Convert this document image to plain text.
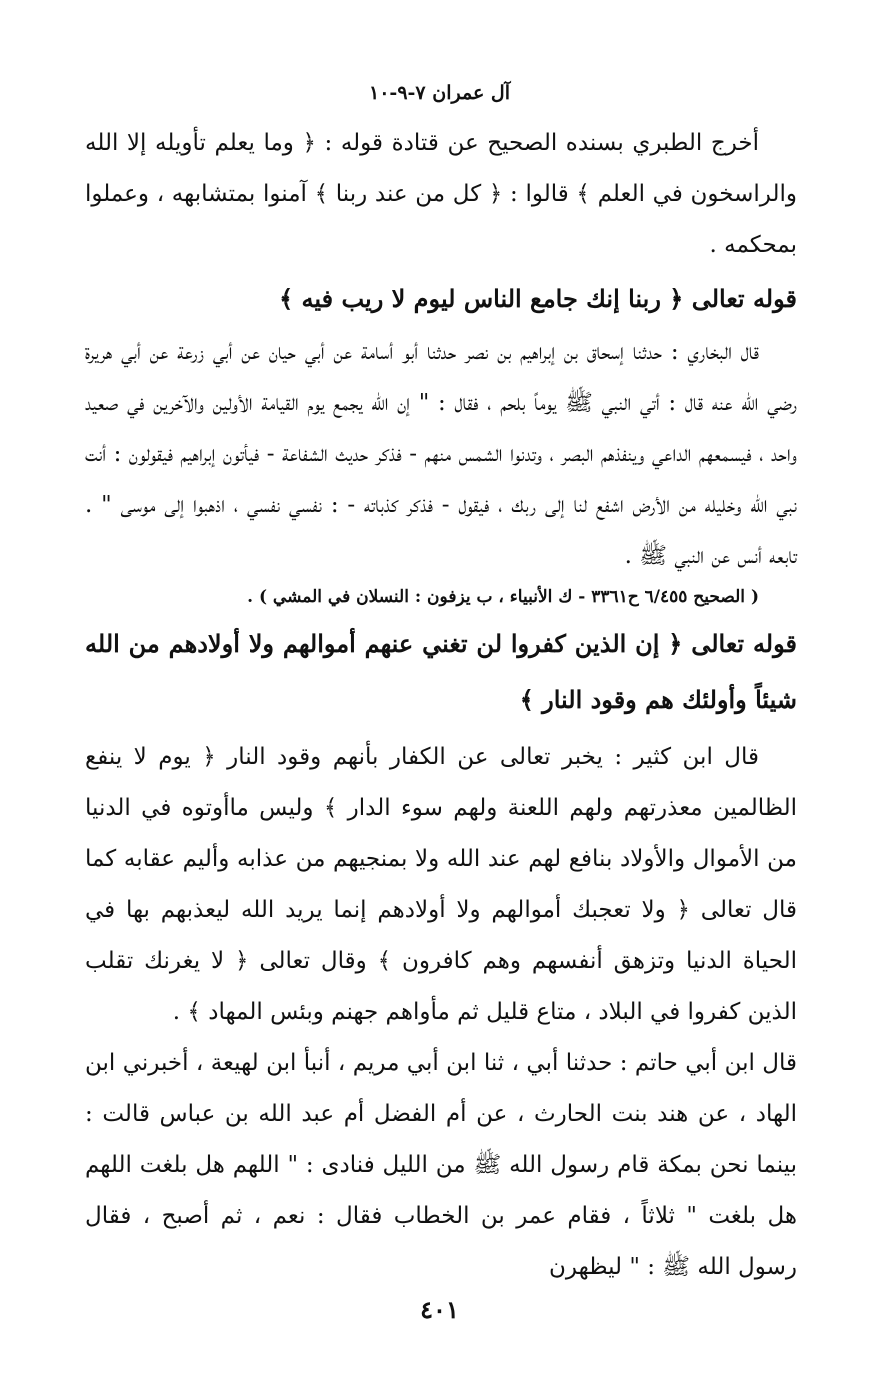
آل عمران ٧-٩-١٠

أخرج الطبري بسنده الصحيح عن قتادة قوله : ﴿ وما يعلم تأويله إلا الله والراسخون في العلم ﴾ قالوا : ﴿ كل من عند ربنا ﴾ آمنوا بمتشابهه ، وعملوا بمحكمه .

قوله تعالى ﴿ ربنا إنك جامع الناس ليوم لا ريب فيه ﴾

قال البخاري : حدثنا إسحاق بن إبراهيم بن نصر حدثنا أبو أسامة عن أبي حيان عن أبي زرعة عن أبي هريرة رضي الله عنه قال : أتي النبي ﷺ يوماً بلحم ، فقال : " إن الله يجمع يوم القيامة الأولين والآخرين في صعيد واحد ، فيسمعهم الداعي وينفذهم البصر ، وتدنوا الشمس منهم - فذكر حديث الشفاعة - فيأتون إبراهيم فيقولون : أنت نبي الله وخليله من الأرض اشفع لنا إلى ربك ، فيقول - فذكر كذباته - : نفسي نفسي ، اذهبوا إلى موسى " . تابعه أنس عن النبي ﷺ .

( الصحيح ٦/٤٥٥ ح٣٣٦١ - ك الأنبياء ، ب يزفون : النسلان في المشي ) .

قوله تعالى ﴿ إن الذين كفروا لن تغني عنهم أموالهم ولا أولادهم من الله شيئاً وأولئك هم وقود النار ﴾

قال ابن كثير : يخبر تعالى عن الكفار بأنهم وقود النار ﴿ يوم لا ينفع الظالمين معذرتهم ولهم اللعنة ولهم سوء الدار ﴾ وليس ماأوتوه في الدنيا من الأموال والأولاد بنافع لهم عند الله ولا بمنجيهم من عذابه وأليم عقابه كما قال تعالى ﴿ ولا تعجبك أموالهم ولا أولادهم إنما يريد الله ليعذبهم بها في الحياة الدنيا وتزهق أنفسهم وهم كافرون ﴾ وقال تعالى ﴿ لا يغرنك تقلب الذين كفروا في البلاد ، متاع قليل ثم مأواهم جهنم وبئس المهاد ﴾ .

قال ابن أبي حاتم : حدثنا أبي ، ثنا ابن أبي مريم ، أنبأ ابن لهيعة ، أخبرني ابن الهاد ، عن هند بنت الحارث ، عن أم الفضل أم عبد الله بن عباس قالت : بينما نحن بمكة قام رسول الله ﷺ من الليل فنادى : " اللهم هل بلغت اللهم هل بلغت " ثلاثاً ، فقام عمر بن الخطاب فقال : نعم ، ثم أصبح ، فقال رسول الله ﷺ : " ليظهرن

٤٠١
